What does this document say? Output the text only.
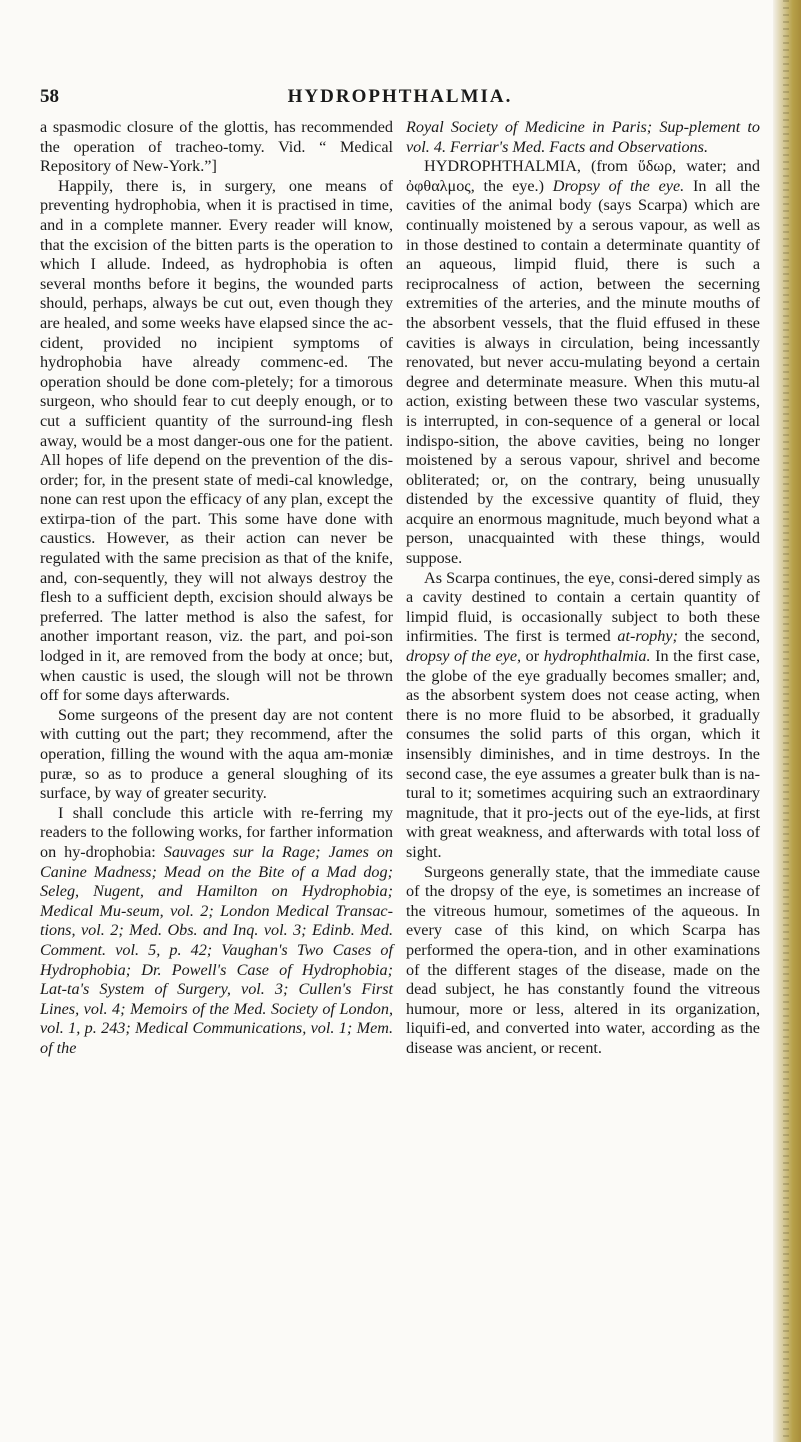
58	HYDROPHTHALMIA.

a spasmodic closure of the glottis, has recommended the operation of tracheo-tomy. Vid. “ Medical Repository of New-York.”]

Happily, there is, in surgery, one means of preventing hydrophobia, when it is practised in time, and in a complete manner. Every reader will know, that the excision of the bitten parts is the operation to which I allude. Indeed, as hydrophobia is often several months before it begins, the wounded parts should, perhaps, always be cut out, even though they are healed, and some weeks have elapsed since the ac-cident, provided no incipient symptoms of hydrophobia have already commenc-ed. The operation should be done com-pletely; for a timorous surgeon, who should fear to cut deeply enough, or to cut a sufficient quantity of the surround-ing flesh away, would be a most danger-ous one for the patient. All hopes of life depend on the prevention of the dis-order; for, in the present state of medi-cal knowledge, none can rest upon the efficacy of any plan, except the extirpa-tion of the part. This some have done with caustics. However, as their action can never be regulated with the same precision as that of the knife, and, con-sequently, they will not always destroy the flesh to a sufficient depth, excision should always be preferred. The latter method is also the safest, for another important reason, viz. the part, and poi-son lodged in it, are removed from the body at once; but, when caustic is used, the slough will not be thrown off for some days afterwards.

Some surgeons of the present day are not content with cutting out the part; they recommend, after the operation, filling the wound with the aqua am-moniæ puræ, so as to produce a general sloughing of its surface, by way of greater security.

I shall conclude this article with re-ferring my readers to the following works, for farther information on hy-drophobia: Sauvages sur la Rage; James on Canine Madness; Mead on the Bite of a Mad dog; Seleg, Nugent, and Hamilton on Hydrophobia; Medical Mu-seum, vol. 2; London Medical Transac-tions, vol. 2; Med. Obs. and Inq. vol. 3; Edinb. Med. Comment. vol. 5, p. 42; Vaughan's Two Cases of Hydrophobia; Dr. Powell's Case of Hydrophobia; Lat-ta's System of Surgery, vol. 3; Cullen's First Lines, vol. 4; Memoirs of the Med. Society of London, vol. 1, p. 243; Medical Communications, vol. 1; Mem. of the

Royal Society of Medicine in Paris; Sup-plement to vol. 4. Ferriar's Med. Facts and Observations.

HYDROPHTHALMIA, (from ὕδωρ, water; and ὀφθαλμος, the eye.) Dropsy of the eye. In all the cavities of the animal body (says Scarpa) which are continually moistened by a serous vapour, as well as in those destined to contain a determinate quantity of an aqueous, limpid fluid, there is such a reciprocalness of action, between the secerning extremities of the arteries, and the minute mouths of the absorbent vessels, that the fluid effused in these cavities is always in circulation, being incessantly renovated, but never accu-mulating beyond a certain degree and determinate measure. When this mutu-al action, existing between these two vascular systems, is interrupted, in con-sequence of a general or local indispo-sition, the above cavities, being no longer moistened by a serous vapour, shrivel and become obliterated; or, on the contrary, being unusually distended by the excessive quantity of fluid, they acquire an enormous magnitude, much beyond what a person, unacquainted with these things, would suppose.

As Scarpa continues, the eye, consi-dered simply as a cavity destined to contain a certain quantity of limpid fluid, is occasionally subject to both these infirmities. The first is termed at-rophy; the second, dropsy of the eye, or hydrophthalmia. In the first case, the globe of the eye gradually becomes smaller; and, as the absorbent system does not cease acting, when there is no more fluid to be absorbed, it gradually consumes the solid parts of this organ, which it insensibly diminishes, and in time destroys. In the second case, the eye assumes a greater bulk than is na-tural to it; sometimes acquiring such an extraordinary magnitude, that it pro-jects out of the eye-lids, at first with great weakness, and afterwards with total loss of sight.

Surgeons generally state, that the immediate cause of the dropsy of the eye, is sometimes an increase of the vitreous humour, sometimes of the aqueous. In every case of this kind, on which Scarpa has performed the opera-tion, and in other examinations of the different stages of the disease, made on the dead subject, he has constantly found the vitreous humour, more or less, altered in its organization, liquifi-ed, and converted into water, according as the disease was ancient, or recent.
